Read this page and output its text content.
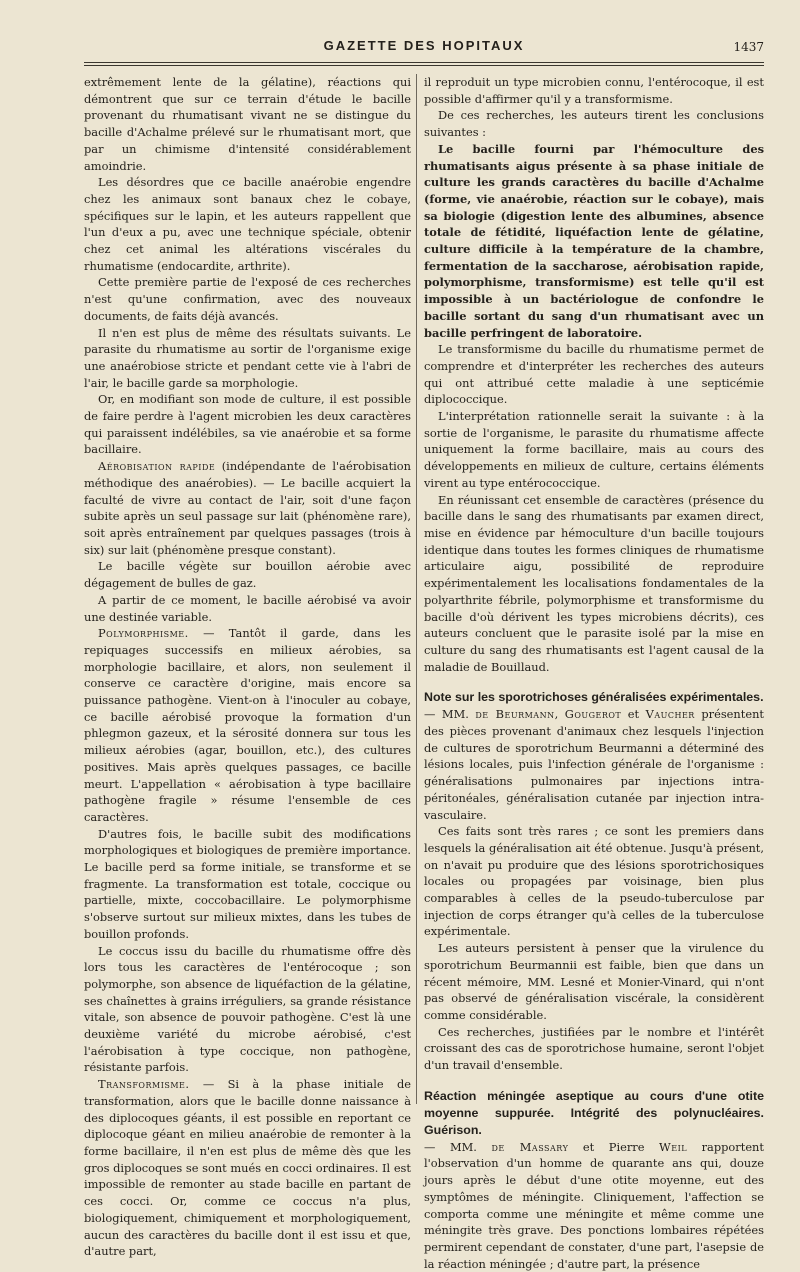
GAZETTE DES HOPITAUX	1437

extrêmement lente de la gélatine), réactions qui démontrent que sur ce terrain d'étude le bacille provenant du rhumatisant vivant ne se distingue du bacille d'Achalme prélevé sur le rhumatisant mort, que par un chimisme d'intensité considérablement amoindrie.

Les désordres que ce bacille anaérobie engendre chez les animaux sont banaux chez le cobaye, spécifiques sur le lapin, et les auteurs rappellent que l'un d'eux a pu, avec une technique spéciale, obtenir chez cet animal les altérations viscérales du rhumatisme (endocardite, arthrite).

Cette première partie de l'exposé de ces recherches n'est qu'une confirmation, avec des nouveaux documents, de faits déjà avancés.

Il n'en est plus de même des résultats suivants. Le parasite du rhumatisme au sortir de l'organisme exige une anaérobiose stricte et pendant cette vie à l'abri de l'air, le bacille garde sa morphologie.

Or, en modifiant son mode de culture, il est possible de faire perdre à l'agent microbien les deux caractères qui paraissent indélébiles, sa vie anaérobie et sa forme bacillaire.

Aérobisation rapide (indépendante de l'aérobisation méthodique des anaérobies). — Le bacille acquiert la faculté de vivre au contact de l'air, soit d'une façon subite après un seul passage sur lait (phénomène rare), soit après entraînement par quelques passages (trois à six) sur lait (phénomène presque constant).

Le bacille végète sur bouillon aérobie avec dégagement de bulles de gaz.

A partir de ce moment, le bacille aérobisé va avoir une destinée variable.

Polymorphisme. — Tantôt il garde, dans les repiquages successifs en milieux aérobies, sa morphologie bacillaire, et alors, non seulement il conserve ce caractère d'origine, mais encore sa puissance pathogène. Vient-on à l'inoculer au cobaye, ce bacille aérobisé provoque la formation d'un phlegmon gazeux, et la sérosité donnera sur tous les milieux aérobies (agar, bouillon, etc.), des cultures positives. Mais après quelques passages, ce bacille meurt. L'appellation « aérobisation à type bacillaire pathogène fragile » résume l'ensemble de ces caractères.

D'autres fois, le bacille subit des modifications morphologiques et biologiques de première importance. Le bacille perd sa forme initiale, se transforme et se fragmente. La transformation est totale, coccique ou partielle, mixte, coccobacillaire. Le polymorphisme s'observe surtout sur milieux mixtes, dans les tubes de bouillon profonds.

Le coccus issu du bacille du rhumatisme offre dès lors tous les caractères de l'entérocoque ; son polymorphe, son absence de liquéfaction de la gélatine, ses chaînettes à grains irréguliers, sa grande résistance vitale, son absence de pouvoir pathogène. C'est là une deuxième variété du microbe aérobisé, c'est l'aérobisation à type coccique, non pathogène, résistante parfois.

Transformisme. — Si à la phase initiale de transformation, alors que le bacille donne naissance à des diplocoques géants, il est possible en reportant ce diplocoque géant en milieu anaérobie de remonter à la forme bacillaire, il n'en est plus de même dès que les gros diplocoques se sont mués en cocci ordinaires. Il est impossible de remonter au stade bacille en partant de ces cocci. Or, comme ce coccus n'a plus, biologiquement, chimiquement et morphologiquement, aucun des caractères du bacille dont il est issu et que, d'autre part,

il reproduit un type microbien connu, l'entérocoque, il est possible d'affirmer qu'il y a transformisme.

De ces recherches, les auteurs tirent les conclusions suivantes :

Le bacille fourni par l'hémoculture des rhumatisants aigus présente à sa phase initiale de culture les grands caractères du bacille d'Achalme (forme, vie anaérobie, réaction sur le cobaye), mais sa biologie (digestion lente des albumines, absence totale de fétidité, liquéfaction lente de gélatine, culture difficile à la température de la chambre, fermentation de la saccharose, aérobisation rapide, polymorphisme, transformisme) est telle qu'il est impossible à un bactériologue de confondre le bacille sortant du sang d'un rhumatisant avec un bacille perfringent de laboratoire.

Le transformisme du bacille du rhumatisme permet de comprendre et d'interpréter les recherches des auteurs qui ont attribué cette maladie à une septicémie diplococcique.

L'interprétation rationnelle serait la suivante : à la sortie de l'organisme, le parasite du rhumatisme affecte uniquement la forme bacillaire, mais au cours des développements en milieux de culture, certains éléments virent au type entérococcique.

En réunissant cet ensemble de caractères (présence du bacille dans le sang des rhumatisants par examen direct, mise en évidence par hémoculture d'un bacille toujours identique dans toutes les formes cliniques de rhumatisme articulaire aigu, possibilité de reproduire expérimentalement les localisations fondamentales de la polyarthrite fébrile, polymorphisme et transformisme du bacille d'où dérivent les types microbiens décrits), ces auteurs concluent que le parasite isolé par la mise en culture du sang des rhumatisants est l'agent causal de la maladie de Bouillaud.

Note sur les sporotrichoses généralisées expérimentales.

— MM. de Beurmann, Gougerot et Vaucher présentent des pièces provenant d'animaux chez lesquels l'injection de cultures de sporotrichum Beurmanni a déterminé des lésions locales, puis l'infection générale de l'organisme : généralisations pulmonaires par injections intra-péritonéales, généralisation cutanée par injection intra-vasculaire.

Ces faits sont très rares ; ce sont les premiers dans lesquels la généralisation ait été obtenue. Jusqu'à présent, on n'avait pu produire que des lésions sporotrichosiques locales ou propagées par voisinage, bien plus comparables à celles de la pseudo-tuberculose par injection de corps étranger qu'à celles de la tuberculose expérimentale.

Les auteurs persistent à penser que la virulence du sporotrichum Beurmannii est faible, bien que dans un récent mémoire, MM. Lesné et Monier-Vinard, qui n'ont pas observé de généralisation viscérale, la considèrent comme considérable.

Ces recherches, justifiées par le nombre et l'intérêt croissant des cas de sporotrichose humaine, seront l'objet d'un travail d'ensemble.

Réaction méningée aseptique au cours d'une otite moyenne suppurée. Intégrité des polynucléaires. Guérison.

— MM. de Massary et Pierre Weil rapportent l'observation d'un homme de quarante ans qui, douze jours après le début d'une otite moyenne, eut des symptômes de méningite. Cliniquement, l'affection se comporta comme une méningite et même comme une méningite très grave. Des ponctions lombaires répétées permirent cependant de constater, d'une part, l'asepsie de la réaction méningée ; d'autre part, la présence
